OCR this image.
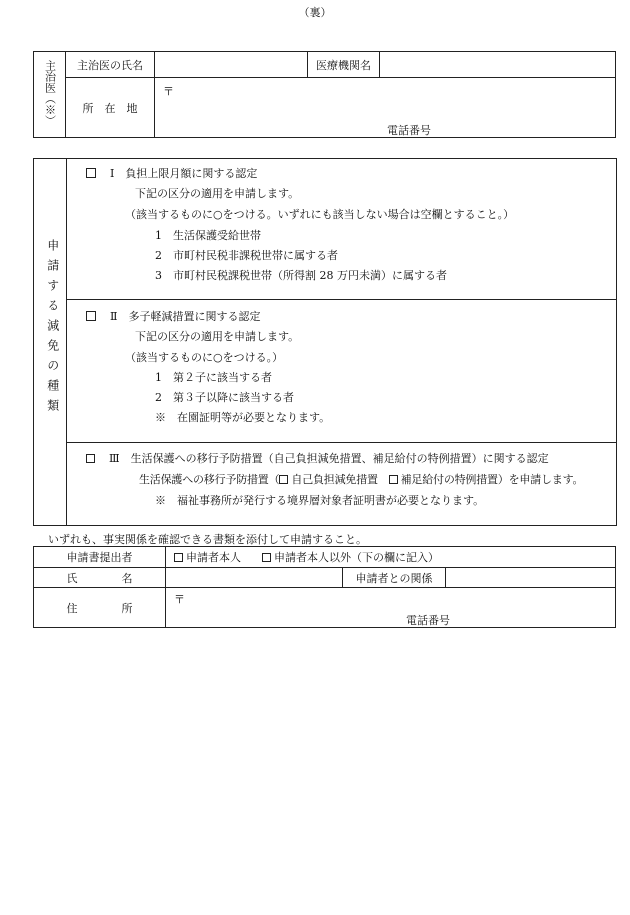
（裏）
主治医（※）	主治医の氏名		医療機関名	
	所　在　地	〒
電話番号		
申請する減免の種類
　Ⅰ　負担上限月額に関する認定
下記の区分の適用を申請します。
（該当するものに○をつける。いずれにも該当しない場合は空欄とすること。）
1　生活保護受給世帯
2　市町村民税非課税世帯に属する者
3　市町村民税課税世帯（所得割 28 万円未満）に属する者
　Ⅱ　多子軽減措置に関する認定
下記の区分の適用を申請します。
（該当するものに○をつける。）
1　第２子に該当する者
2　第３子以降に該当する者
※　在園証明等が必要となります。
　Ⅲ　生活保護への移行予防措置（自己負担減免措置、補足給付の特例措置）に関する認定
生活保護への移行予防措置（ 自己負担減免措置　 補足給付の特例措置）を申請します。
※　福祉事務所が発行する境界層対象者証明書が必要となります。
いずれも、事実関係を確認できる書類を添付して申請すること。
申請書提出者	申請者本人 申請者本人以外（下の欄に記入）		
氏　　　　名		申請者との関係	
住　　　　所	〒
電話番号		
